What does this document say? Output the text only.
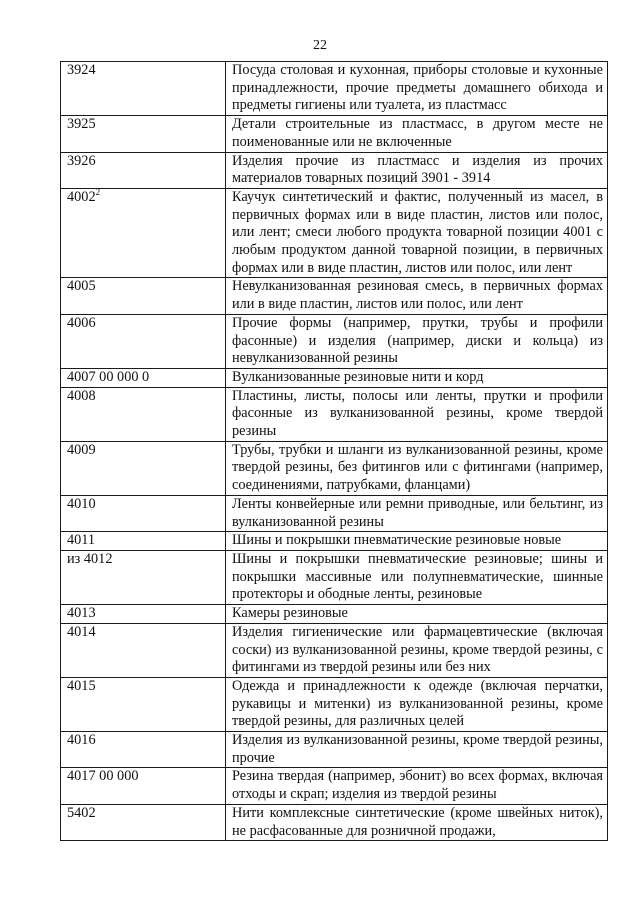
22
3924	Посуда столовая и кухонная, приборы столовые и кухонные принадлежности, прочие предметы домашнего обихода и предметы гигиены или туалета, из пластмасс
3925	Детали строительные из пластмасс, в другом месте не поименованные или не включенные
3926	Изделия прочие из пластмасс и изделия из прочих материалов товарных позиций 3901 - 3914
4002$^2$	Каучук синтетический и фактис, полученный из масел, в первичных формах или в виде пластин, листов или полос, или лент; смеси любого продукта товарной позиции 4001 с любым продуктом данной товарной позиции, в первичных формах или в виде пластин, листов или полос, или лент
4005	Невулканизованная резиновая смесь, в первичных формах или в виде пластин, листов или полос, или лент
4006	Прочие формы (например, прутки, трубы и профили фасонные) и изделия (например, диски и кольца) из невулканизованной резины
4007 00 000 0	Вулканизованные резиновые нити и корд
4008	Пластины, листы, полосы или ленты, прутки и профили фасонные из вулканизованной резины, кроме твердой резины
4009	Трубы, трубки и шланги из вулканизованной резины, кроме твердой резины, без фитингов или с фитингами (например, соединениями, патрубками, фланцами)
4010	Ленты конвейерные или ремни приводные, или бельтинг, из вулканизованной резины
4011	Шины и покрышки пневматические резиновые новые
из 4012	Шины и покрышки пневматические резиновые; шины и покрышки массивные или полупневматические, шинные протекторы и ободные ленты, резиновые
4013	Камеры резиновые
4014	Изделия гигиенические или фармацевтические (включая соски) из вулканизованной резины, кроме твердой резины, с фитингами из твердой резины или без них
4015	Одежда и принадлежности к одежде (включая перчатки, рукавицы и митенки) из вулканизованной резины, кроме твердой резины, для различных целей
4016	Изделия из вулканизованной резины, кроме твердой резины, прочие
4017 00 000	Резина твердая (например, эбонит) во всех формах, включая отходы и скрап; изделия из твердой резины
5402	Нити комплексные синтетические (кроме швейных ниток), не расфасованные для розничной продажи,
